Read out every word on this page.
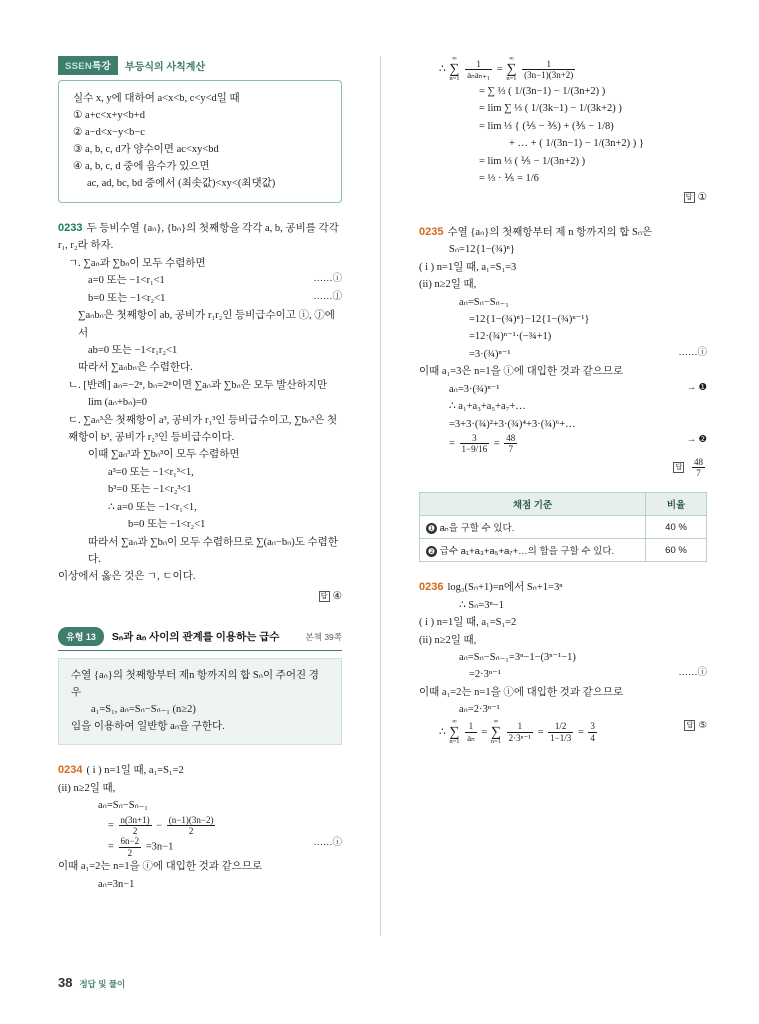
SSEN특강	부등식의 사칙계산
실수 x, y에 대하여 a<x<b, c<y<d일 때
① a+c<x+y<b+d
② a−d<x−y<b−c
③ a, b, c, d가 양수이면 ac<xy<bd
④ a, b, c, d 중에 음수가 있으면
ac, ad, bc, bd 중에서 (최솟값)<xy<(최댓값)
0233 두 등비수열 {aₙ}, {bₙ}의 첫째항을 각각 a, b, 공비를 각각 r₁, r₂라 하자.
ㄱ. ∑aₙ과 ∑bₙ이 모두 수렴하면
a=0 또는 −1<r₁<1	……ⓘ
b=0 또는 −1<r₂<1	……ⓙ
∑aₙbₙ은 첫째항이 ab, 공비가 r₁r₂인 등비급수이고 ⓘ, ⓙ에서
ab=0 또는 −1<r₁r₂<1
따라서 ∑aₙbₙ은 수렴한다.
ㄴ. [반례] aₙ=−2ⁿ, bₙ=2ⁿ이면 ∑aₙ과 ∑bₙ은 모두 발산하지만
lim (aₙ+bₙ)=0
ㄷ. ∑aₙ³은 첫째항이 a³, 공비가 r₁³인 등비급수이고, ∑bₙ³은 첫째항이 b³, 공비가 r₂³인 등비급수이다.
이때 ∑aₙ³과 ∑bₙ³이 모두 수렴하면
a³=0 또는 −1<r₁³<1,
b³=0 또는 −1<r₂³<1
∴ a=0 또는 −1<r₁<1,
b=0 또는 −1<r₂<1
따라서 ∑aₙ과 ∑bₙ이 모두 수렴하므로 ∑(aₙ−bₙ)도 수렴한다.
이상에서 옳은 것은 ㄱ, ㄷ이다.
답 ④
유형 13	Sₙ과 aₙ 사이의 관계를 이용하는 급수	본책 39쪽
수열 {aₙ}의 첫째항부터 제n 항까지의 합 Sₙ이 주어진 경우
a₁=S₁, aₙ=Sₙ−Sₙ₋₁ (n≥2)
임을 이용하여 일반항 aₙ을 구한다.
0234 ( i ) n=1일 때, a₁=S₁=2
(ii) n≥2일 때,
aₙ=Sₙ−Sₙ₋₁
= $\frac{n(3n+1)}{2} - \frac{(n-1)(3n-2)}{2}$
= $\frac{6n-2}{2} =3n-1$	……ⓘ
이때 a₁=2는 n=1을 ⓘ에 대입한 것과 같으므로
aₙ=3n−1
∴ ∞
∑
$n=1 \frac{1}{\text{aₙaₙ₊₁}}$ = ∞
∑
$n=1 \frac{1}{(3n-1)(3n+2)}$
= ∑ ⅓ ( 1/(3n−1) − 1/(3n+2) )
= lim ∑ ⅓ ( 1/(3k−1) − 1/(3k+2) )
= lim ⅓ { (⅕ − ⅗) + (⅗ − 1/8)
+ … + ( 1/(3n−1) − 1/(3n+2) ) }
= lim ⅓ ( ⅕ − 1/(3n+2) )
= ⅓ · ⅕ = 1/6
답 ①
0235 수열 {aₙ}의 첫째항부터 제 n 항까지의 합 Sₙ은
Sₙ=12{1−(¾)ⁿ}
( i ) n=1일 때, a₁=S₁=3
(ii) n≥2일 때,
aₙ=Sₙ−Sₙ₋₁
=12{1−(¾)ⁿ}−12{1−(¾)ⁿ⁻¹}
=12·(¾)ⁿ⁻¹·(−¾+1)
=3·(¾)ⁿ⁻¹	……ⓘ
이때 a₁=3은 n=1을 ⓘ에 대입한 것과 같으므로
aₙ=3·(¾)ⁿ⁻¹	→ ❶
∴ a₁+a₃+a₅+a₇+…
=3+3·(¾)²+3·(¾)⁴+3·(¾)⁶+…
= $\frac{3}{1-9/16} = \frac{48}{7}$	→ ❷
답 $\frac{48}{7}$
채점 기준	비율
❶ aₙ을 구할 수 있다.	40 %
❷ 급수 a₁+a₃+a₅+a₇+…의 합을 구할 수 있다.	60 %
0236 log₃(Sₙ+1)=n에서 Sₙ+1=3ⁿ
∴ Sₙ=3ⁿ−1
( i ) n=1일 때, a₁=S₁=2
(ii) n≥2일 때,
aₙ=Sₙ−Sₙ₋₁=3ⁿ−1−(3ⁿ⁻¹−1)
=2·3ⁿ⁻¹	……ⓘ
이때 a₁=2는 n=1을 ⓘ에 대입한 것과 같으므로
aₙ=2·3ⁿ⁻¹
∴ ∞
∑
$n=1 \frac{1}{\text{aₙ}}$ = ∞
∑
$n=1 \frac{1}{\text{2·3ⁿ⁻¹}} = \frac{1/2}{1-1/3} = \frac{3}{4}$	답 ⑤
38 정답 및 풀이
